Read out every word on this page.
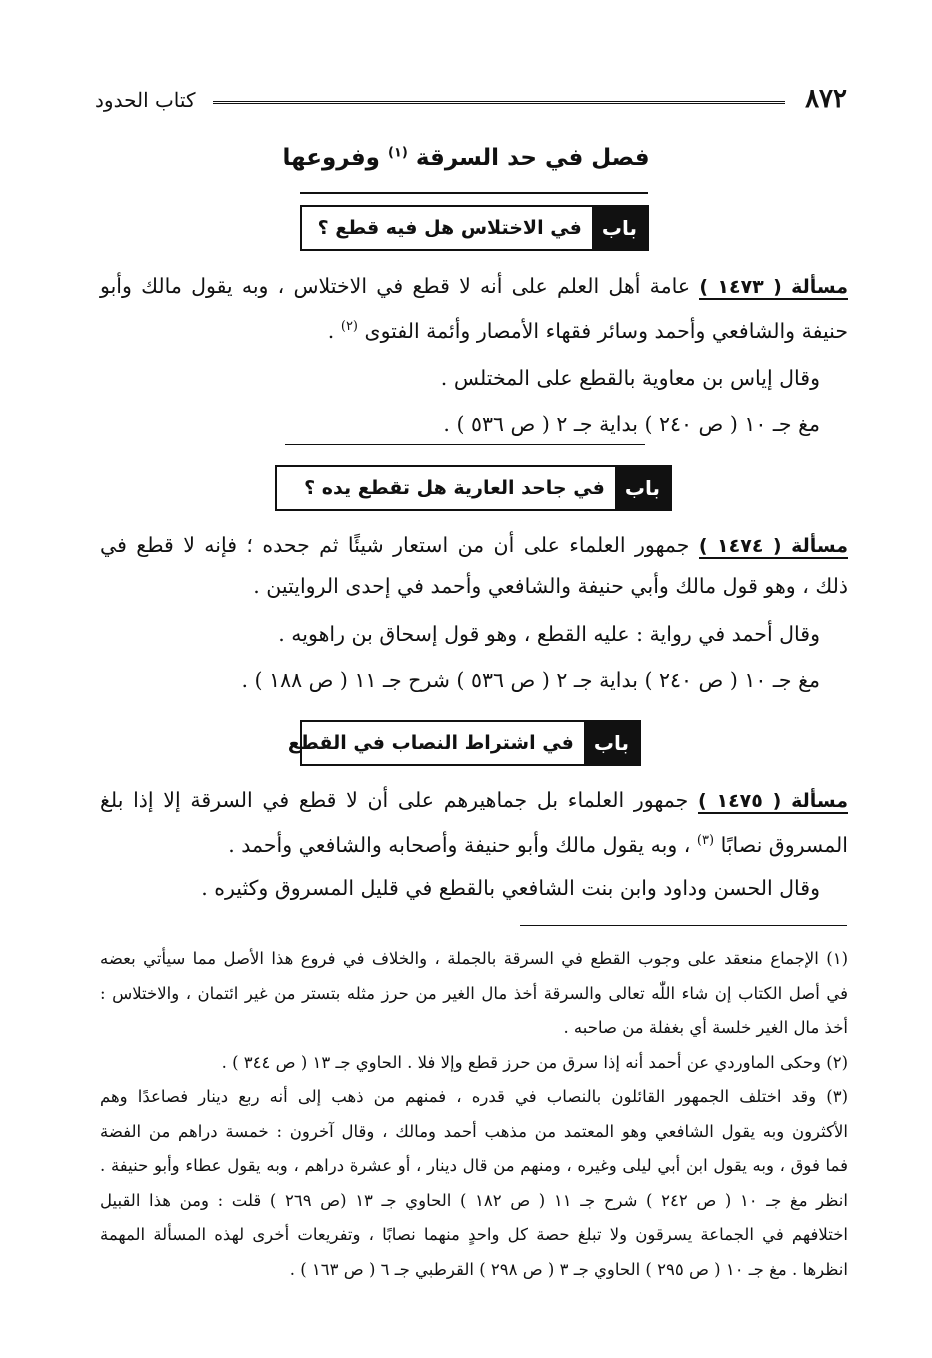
٨٧٢
كتاب الحدود
فصل في حد السرقة $^{(١)}$ وفروعها
باب
في الاختلاس هل فيه قطع ؟
مسألة ( ١٤٧٣ ) عامة أهل العلم على أنه لا قطع في الاختلاس ، وبه يقول مالك وأبو
حنيفة والشافعي وأحمد وسائر فقهاء الأمصار وأئمة الفتوى $^{(٢)}$ .
وقال إياس بن معاوية بالقطع على المختلس .
مغ جـ ١٠ ( ص ٢٤٠ ) بداية جـ ٢ ( ص ٥٣٦ ) .
باب
في جاحد العارية هل تقطع يده ؟
مسألة ( ١٤٧٤ ) جمهور العلماء على أن من استعار شيئًا ثم جحده ؛ فإنه لا قطع في
ذلك ، وهو قول مالك وأبي حنيفة والشافعي وأحمد في إحدى الروايتين .
وقال أحمد في رواية : عليه القطع ، وهو قول إسحاق بن راهويه .
مغ جـ ١٠ ( ص ٢٤٠ ) بداية جـ ٢ ( ص ٥٣٦ ) شرح جـ ١١ ( ص ١٨٨ ) .
باب
في اشتراط النصاب في القطع
مسألة ( ١٤٧٥ ) جمهور العلماء بل جماهيرهم على أن لا قطع في السرقة إلا إذا بلغ
المسروق نصابًا $^{(٣)}$ ، وبه يقول مالك وأبو حنيفة وأصحابه والشافعي وأحمد .
وقال الحسن وداود وابن بنت الشافعي بالقطع في قليل المسروق وكثيره .
(١) الإجماع منعقد على وجوب القطع في السرقة بالجملة ، والخلاف في فروع هذا الأصل مما سيأتي بعضه
في أصل الكتاب إن شاء اللّٰه تعالى والسرقة أخذ مال الغير من حرز مثله بتستر من غير ائتمان ، والاختلاس :
أخذ مال الغير خلسة أي بغفلة من صاحبه .
(٢) وحكى الماوردي عن أحمد أنه إذا سرق من حرز قطع وإلا فلا . الحاوي جـ ١٣ ( ص ٣٤٤ ) .
(٣) وقد اختلف الجمهور القائلون بالنصاب في قدره ، فمنهم من ذهب إلى أنه ربع دينار فصاعدًا وهم
الأكثرون وبه يقول الشافعي وهو المعتمد من مذهب أحمد ومالك ، وقال آخرون : خمسة دراهم من الفضة
فما فوق ، وبه يقول ابن أبي ليلى وغيره ، ومنهم من قال دينار ، أو عشرة دراهم ، وبه يقول عطاء وأبو حنيفة .
انظر مغ جـ ١٠ ( ص ٢٤٢ ) شرح جـ ١١ ( ص ١٨٢ ) الحاوي جـ ١٣ (ص ٢٦٩ ) قلت : ومن هذا القبيل
اختلافهم في الجماعة يسرقون ولا تبلغ حصة كل واحدٍ منهما نصابًا ، وتفريعات أخرى لهذه المسألة المهمة
انظرها . مغ جـ ١٠ ( ص ٢٩٥ ) الحاوي جـ ٣ ( ص ٢٩٨ ) القرطبي جـ ٦ ( ص ١٦٣ ) .
